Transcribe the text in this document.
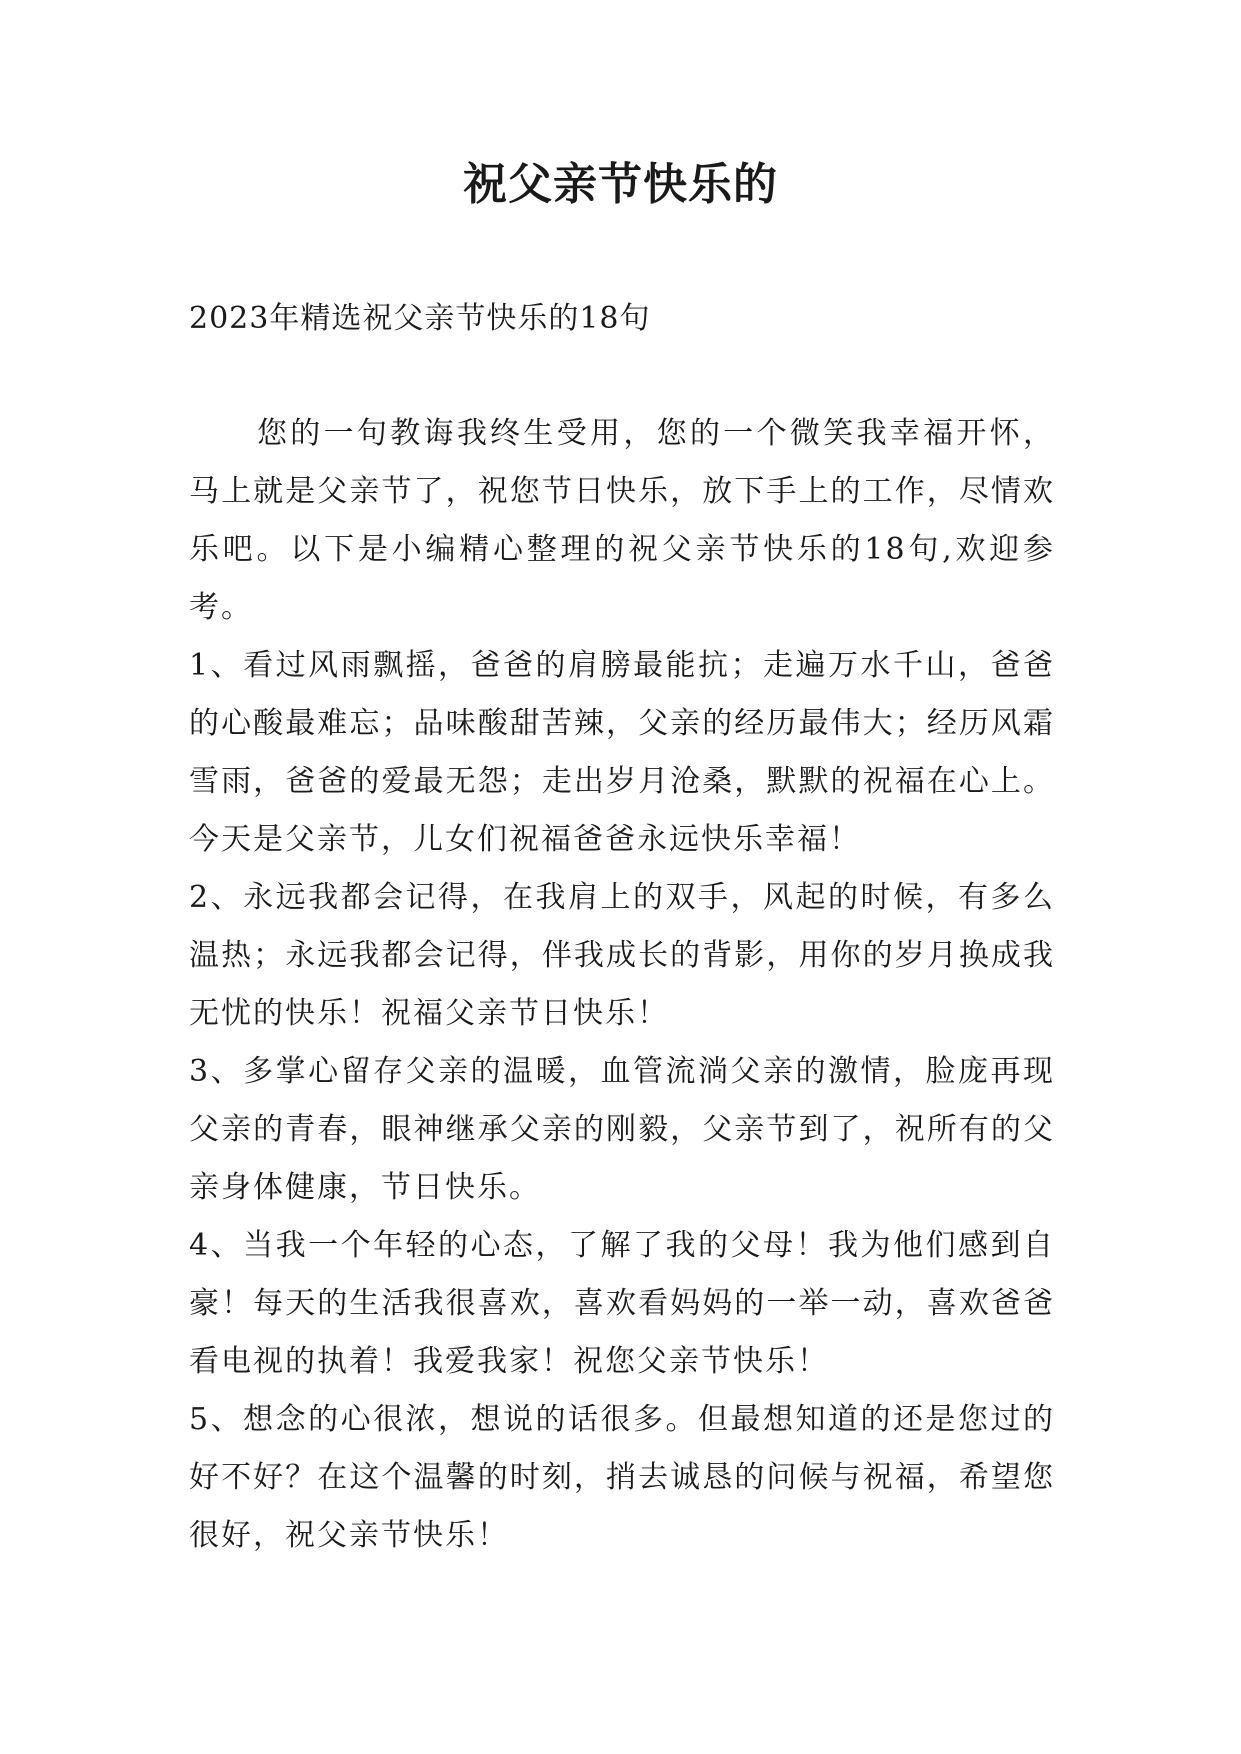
祝父亲节快乐的

2023年精选祝父亲节快乐的18句

您的一句教诲我终生受用，您的一个微笑我幸福开怀，马上就是父亲节了，祝您节日快乐，放下手上的工作，尽情欢乐吧。以下是小编精心整理的祝父亲节快乐的18句,欢迎参考。

1、看过风雨飘摇，爸爸的肩膀最能抗；走遍万水千山，爸爸的心酸最难忘；品味酸甜苦辣，父亲的经历最伟大；经历风霜雪雨，爸爸的爱最无怨；走出岁月沧桑，默默的祝福在心上。今天是父亲节，儿女们祝福爸爸永远快乐幸福！

2、永远我都会记得，在我肩上的双手，风起的时候，有多么温热；永远我都会记得，伴我成长的背影，用你的岁月换成我无忧的快乐！祝福父亲节日快乐！

3、多掌心留存父亲的温暖，血管流淌父亲的激情，脸庞再现父亲的青春，眼神继承父亲的刚毅，父亲节到了，祝所有的父亲身体健康，节日快乐。

4、当我一个年轻的心态，了解了我的父母！我为他们感到自豪！每天的生活我很喜欢，喜欢看妈妈的一举一动，喜欢爸爸看电视的执着！我爱我家！祝您父亲节快乐！

5、想念的心很浓，想说的话很多。但最想知道的还是您过的好不好？在这个温馨的时刻，捎去诚恳的问候与祝福，希望您很好，祝父亲节快乐！
